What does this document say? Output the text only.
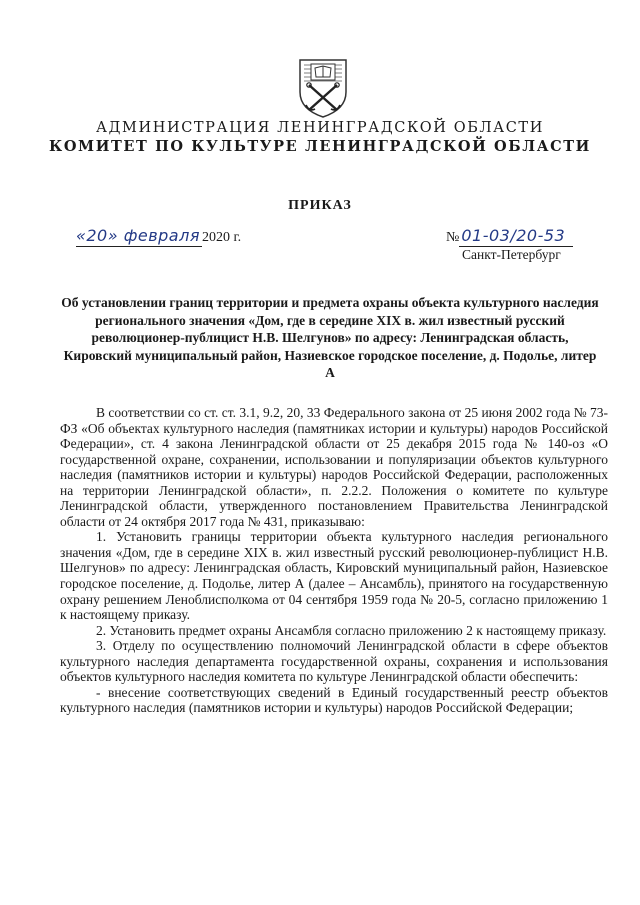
АДМИНИСТРАЦИЯ ЛЕНИНГРАДСКОЙ ОБЛАСТИ
КОМИТЕТ ПО КУЛЬТУРЕ ЛЕНИНГРАДСКОЙ ОБЛАСТИ
ПРИКАЗ
«20» февраля 2020 г.	№ 01-03/20-53
Санкт-Петербург
Об установлении границ территории и предмета охраны объекта культурного наследия регионального значения «Дом, где в середине XIX в. жил известный русский революционер-публицист Н.В. Шелгунов» по адресу: Ленинградская область, Кировский муниципальный район, Назиевское городское поселение, д. Подолье, литер А

В соответствии со ст. ст. 3.1, 9.2, 20, 33 Федерального закона от 25 июня 2002 года № 73-ФЗ «Об объектах культурного наследия (памятниках истории и культуры) народов Российской Федерации», ст. 4 закона Ленинградской области от 25 декабря 2015 года № 140-оз «О государственной охране, сохранении, использовании и популяризации объектов культурного наследия (памятников истории и культуры) народов Российской Федерации, расположенных на территории Ленинградской области», п. 2.2.2. Положения о комитете по культуре Ленинградской области, утвержденного постановлением Правительства Ленинградской области от 24 октября 2017 года № 431, приказываю:

1. Установить границы территории объекта культурного наследия регионального значения «Дом, где в середине XIX в. жил известный русский революционер-публицист Н.В. Шелгунов» по адресу: Ленинградская область, Кировский муниципальный район, Назиевское городское поселение, д. Подолье, литер А (далее – Ансамбль), принятого на государственную охрану решением Леноблисполкома от 04 сентября 1959 года № 20-5, согласно приложению 1 к настоящему приказу.

2. Установить предмет охраны Ансамбля согласно приложению 2 к настоящему приказу.

3. Отделу по осуществлению полномочий Ленинградской области в сфере объектов культурного наследия департамента государственной охраны, сохранения и использования объектов культурного наследия комитета по культуре Ленинградской области обеспечить:

- внесение соответствующих сведений в Единый государственный реестр объектов культурного наследия (памятников истории и культуры) народов Российской Федерации;
